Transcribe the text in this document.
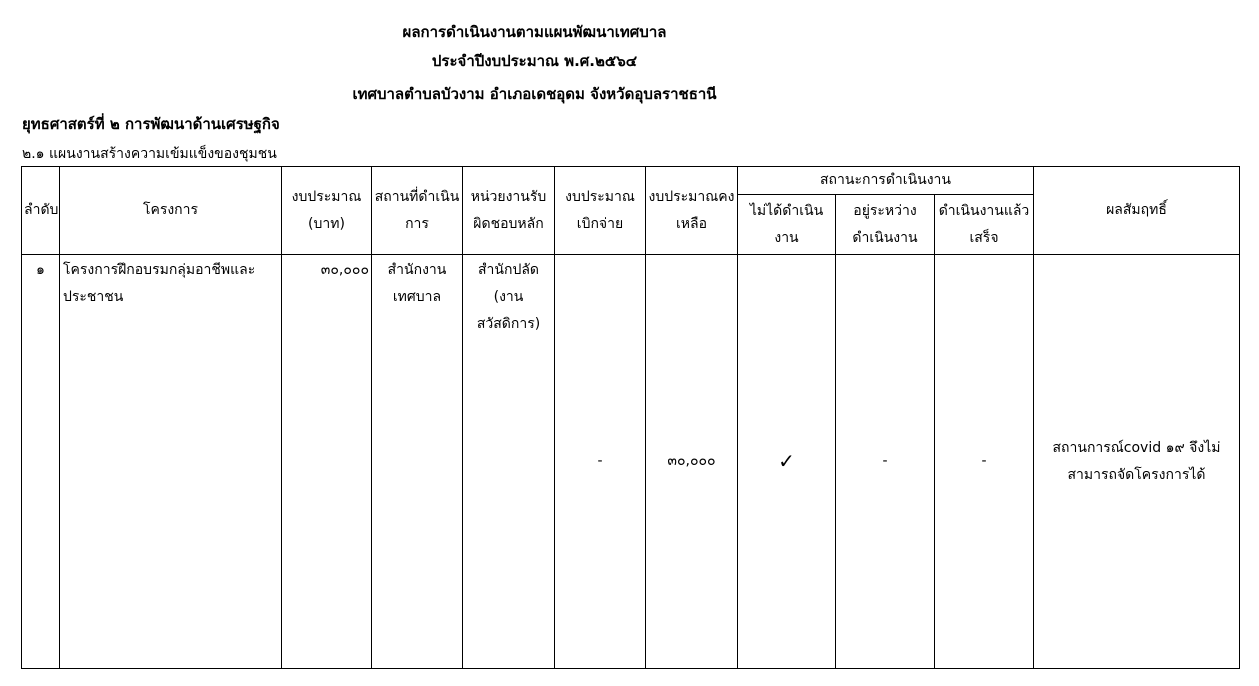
ผลการดำเนินงานตามแผนพัฒนาเทศบาล
ประจำปีงบประมาณ พ.ศ.๒๕๖๔
เทศบาลตำบลบัวงาม อำเภอเดชอุดม จังหวัดอุบลราชธานี
ยุทธศาสตร์ที่ ๒ การพัฒนาด้านเศรษฐกิจ
๒.๑ แผนงานสร้างความเข้มแข็งของชุมชน
ลำดับ	โครงการ	งบประมาณ (บาท)	สถานที่ดำเนินการ	หน่วยงานรับผิดชอบหลัก	งบประมาณเบิกจ่าย	งบประมาณคงเหลือ	สถานะการดำเนินงาน			ผลสัมฤทธิ์
							ไม่ได้ดำเนินงาน	อยู่ระหว่างดำเนินงาน	ดำเนินงานแล้วเสร็จ	
๑	โครงการฝึกอบรมกลุ่มอาชีพและประชาชน	๓๐,๐๐๐	สำนักงานเทศบาล	สำนักปลัด (งานสวัสดิการ)	-	๓๐,๐๐๐	✓	-	-	สถานการณ์covid ๑๙ จึงไม่สามารถจัดโครงการได้
